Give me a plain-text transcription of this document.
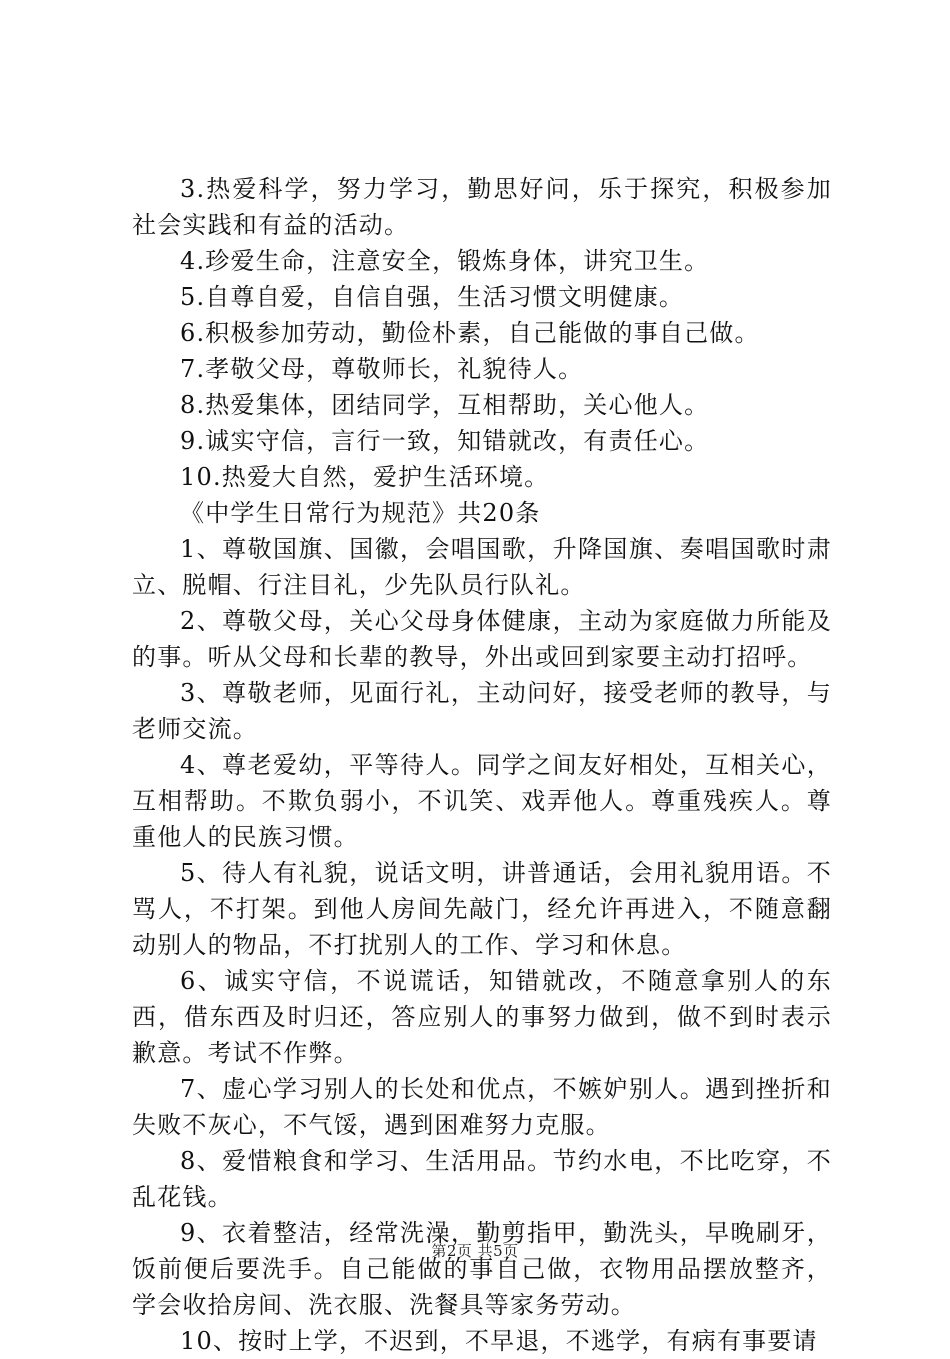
3.热爱科学，努力学习，勤思好问，乐于探究，积极参加社会实践和有益的活动。

4.珍爱生命，注意安全，锻炼身体，讲究卫生。

5.自尊自爱，自信自强，生活习惯文明健康。

6.积极参加劳动，勤俭朴素，自己能做的事自己做。

7.孝敬父母，尊敬师长，礼貌待人。

8.热爱集体，团结同学，互相帮助，关心他人。

9.诚实守信，言行一致，知错就改，有责任心。

10.热爱大自然，爱护生活环境。

《中学生日常行为规范》共20条

1、尊敬国旗、国徽，会唱国歌，升降国旗、奏唱国歌时肃立、脱帽、行注目礼，少先队员行队礼。

2、尊敬父母，关心父母身体健康，主动为家庭做力所能及的事。听从父母和长辈的教导，外出或回到家要主动打招呼。

3、尊敬老师，见面行礼，主动问好，接受老师的教导，与老师交流。

4、尊老爱幼，平等待人。同学之间友好相处，互相关心，互相帮助。不欺负弱小，不讥笑、戏弄他人。尊重残疾人。尊重他人的民族习惯。

5、待人有礼貌，说话文明，讲普通话，会用礼貌用语。不骂人，不打架。到他人房间先敲门，经允许再进入，不随意翻动别人的物品，不打扰别人的工作、学习和休息。

6、诚实守信，不说谎话，知错就改，不随意拿别人的东西，借东西及时归还，答应别人的事努力做到，做不到时表示歉意。考试不作弊。

7、虚心学习别人的长处和优点，不嫉妒别人。遇到挫折和失败不灰心，不气馁，遇到困难努力克服。

8、爱惜粮食和学习、生活用品。节约水电，不比吃穿，不乱花钱。

9、衣着整洁，经常洗澡，勤剪指甲，勤洗头，早晚刷牙，饭前便后要洗手。自己能做的事自己做，衣物用品摆放整齐，学会收拾房间、洗衣服、洗餐具等家务劳动。

10、按时上学，不迟到，不早退，不逃学，有病有事要请

第2页 共5页
